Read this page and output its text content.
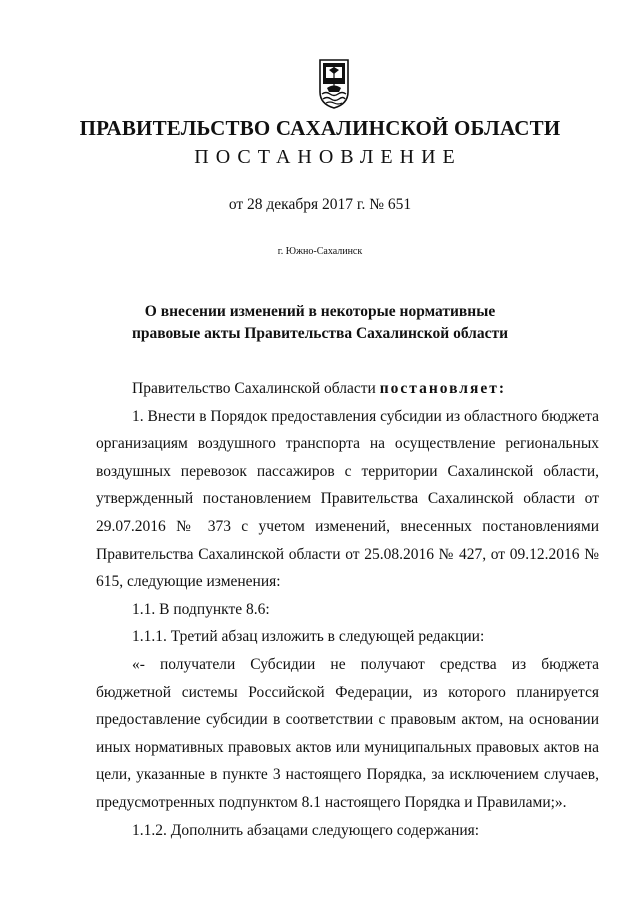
ПРАВИТЕЛЬСТВО САХАЛИНСКОЙ ОБЛАСТИ
ПОСТАНОВЛЕНИЕ
от 28 декабря 2017 г. № 651
г. Южно-Сахалинск
О внесении изменений в некоторые нормативные
правовые акты Правительства Сахалинской области

Правительство Сахалинской области постановляет:

1. Внести в Порядок предоставления субсидии из областного бюджета организациям воздушного транспорта на осуществление региональных воздушных перевозок пассажиров с территории Сахалинской области, утвержденный постановлением Правительства Сахалинской области от 29.07.2016 № 373 с учетом изменений, внесенных постановлениями Правительства Сахалинской области от 25.08.2016 № 427, от 09.12.2016 № 615, следующие изменения:

1.1. В подпункте 8.6:

1.1.1. Третий абзац изложить в следующей редакции:

«- получатели Субсидии не получают средства из бюджета бюджетной системы Российской Федерации, из которого планируется предоставление субсидии в соответствии с правовым актом, на основании иных нормативных правовых актов или муниципальных правовых актов на цели, указанные в пункте 3 настоящего Порядка, за исключением случаев, предусмотренных подпунктом 8.1 настоящего Порядка и Правилами;».

1.1.2. Дополнить абзацами следующего содержания:
